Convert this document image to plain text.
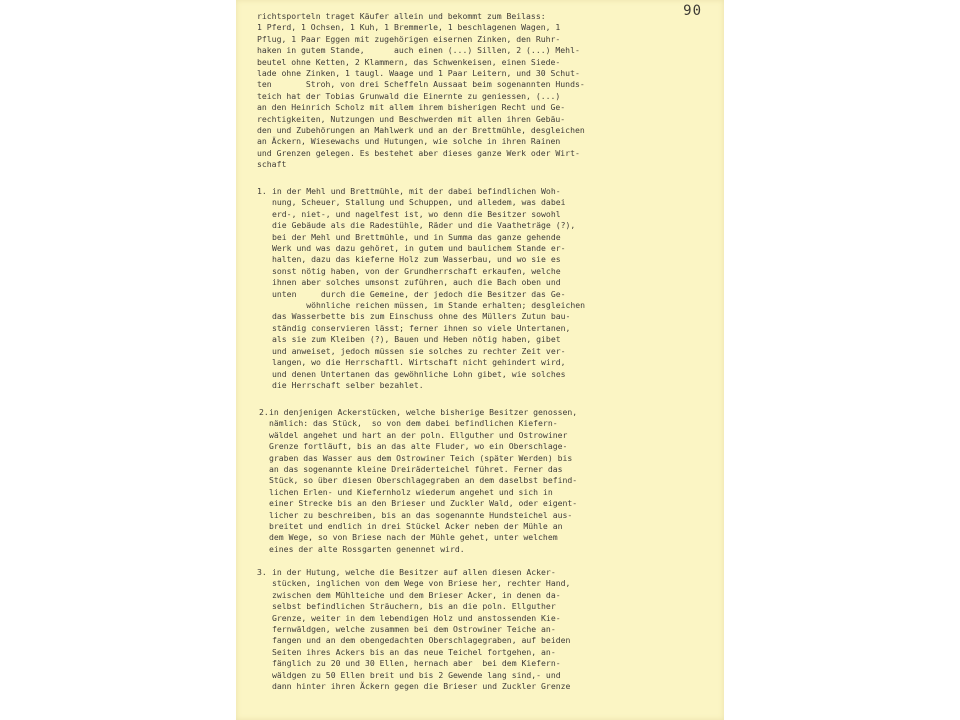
90
richtsporteln traget Käufer allein und bekommt zum Beilass:
1 Pferd, 1 Ochsen, 1 Kuh, 1 Bremmerle, 1 beschlagenen Wagen, 1
Pflug, 1 Paar Eggen mit zugehörigen eisernen Zinken, den Ruhr-
haken in gutem Stande,      auch einen (...) Sillen, 2 (...) Mehl-
beutel ohne Ketten, 2 Klammern, das Schwenkeisen, einen Siede-
lade ohne Zinken, 1 taugl. Waage und 1 Paar Leitern, und 30 Schut-
ten       Stroh, von drei Scheffeln Aussaat beim sogenannten Hunds-
teich hat der Tobias Grunwald die Einernte zu geniessen, (...)
an den Heinrich Scholz mit allem ihrem bisherigen Recht und Ge-
rechtigkeiten, Nutzungen und Beschwerden mit allen ihren Gebäu-
den und Zubehörungen an Mahlwerk und an der Brettmühle, desgleichen
an Äckern, Wiesewachs und Hutungen, wie solche in ihren Rainen
und Grenzen gelegen. Es bestehet aber dieses ganze Werk oder Wirt-
schaft
1. in der Mehl und Brettmühle, mit der dabei befindlichen Woh-
nung, Scheuer, Stallung und Schuppen, und alledem, was dabei
erd-, niet-, und nagelfest ist, wo denn die Besitzer sowohl
die Gebäude als die Radestühle, Räder und die Vaatheträge (?),
bei der Mehl und Brettmühle, und in Summa das ganze gehende
Werk und was dazu gehöret, in gutem und baulichem Stande er-
halten, dazu das kieferne Holz zum Wasserbau, und wo sie es
sonst nötig haben, von der Grundherrschaft erkaufen, welche
ihnen aber solches umsonst zuführen, auch die Bach oben und
unten     durch die Gemeine, der jedoch die Besitzer das Ge-
wöhnliche reichen müssen, im Stande erhalten; desgleichen
das Wasserbette bis zum Einschuss ohne des Müllers Zutun bau-
ständig conservieren lässt; ferner ihnen so viele Untertanen,
als sie zum Kleiben (?), Bauen und Heben nötig haben, gibet
und anweiset, jedoch müssen sie solches zu rechter Zeit ver-
langen, wo die Herrschaftl. Wirtschaft nicht gehindert wird,
und denen Untertanen das gewöhnliche Lohn gibet, wie solches
die Herrschaft selber bezahlet.
2. in denjenigen Ackerstücken, welche bisherige Besitzer genossen,
nämlich: das Stück,  so von dem dabei befindlichen Kiefern-
wäldel angehet und hart an der poln. Ellguther und Ostrowiner
Grenze fortläuft, bis an das alte Fluder, wo ein Oberschlage-
graben das Wasser aus dem Ostrowiner Teich (später Werden) bis
an das sogenannte kleine Dreiräderteichel führet. Ferner das
Stück, so über diesen Oberschlagegraben an dem daselbst befind-
lichen Erlen- und Kiefernholz wiederum angehet und sich in
einer Strecke bis an den Brieser und Zuckler Wald, oder eigent-
licher zu beschreiben, bis an das sogenannte Hundsteichel aus-
breitet und endlich in drei Stückel Acker neben der Mühle an
dem Wege, so von Briese nach der Mühle gehet, unter welchem
eines der alte Rossgarten genennet wird.
3. in der Hutung, welche die Besitzer auf allen diesen Acker-
stücken, inglichen von dem Wege von Briese her, rechter Hand,
zwischen dem Mühlteiche und dem Brieser Acker, in denen da-
selbst befindlichen Sträuchern, bis an die poln. Ellguther
Grenze, weiter in dem lebendigen Holz und anstossenden Kie-
fernwäldgen, welche zusammen bei dem Ostrowiner Teiche an-
fangen und an dem obengedachten Oberschlagegraben, auf beiden
Seiten ihres Ackers bis an das neue Teichel fortgehen, an-
fänglich zu 20 und 30 Ellen, hernach aber  bei dem Kiefern-
wäldgen zu 50 Ellen breit und bis 2 Gewende lang sind,- und
dann hinter ihren Äckern gegen die Brieser und Zuckler Grenze
